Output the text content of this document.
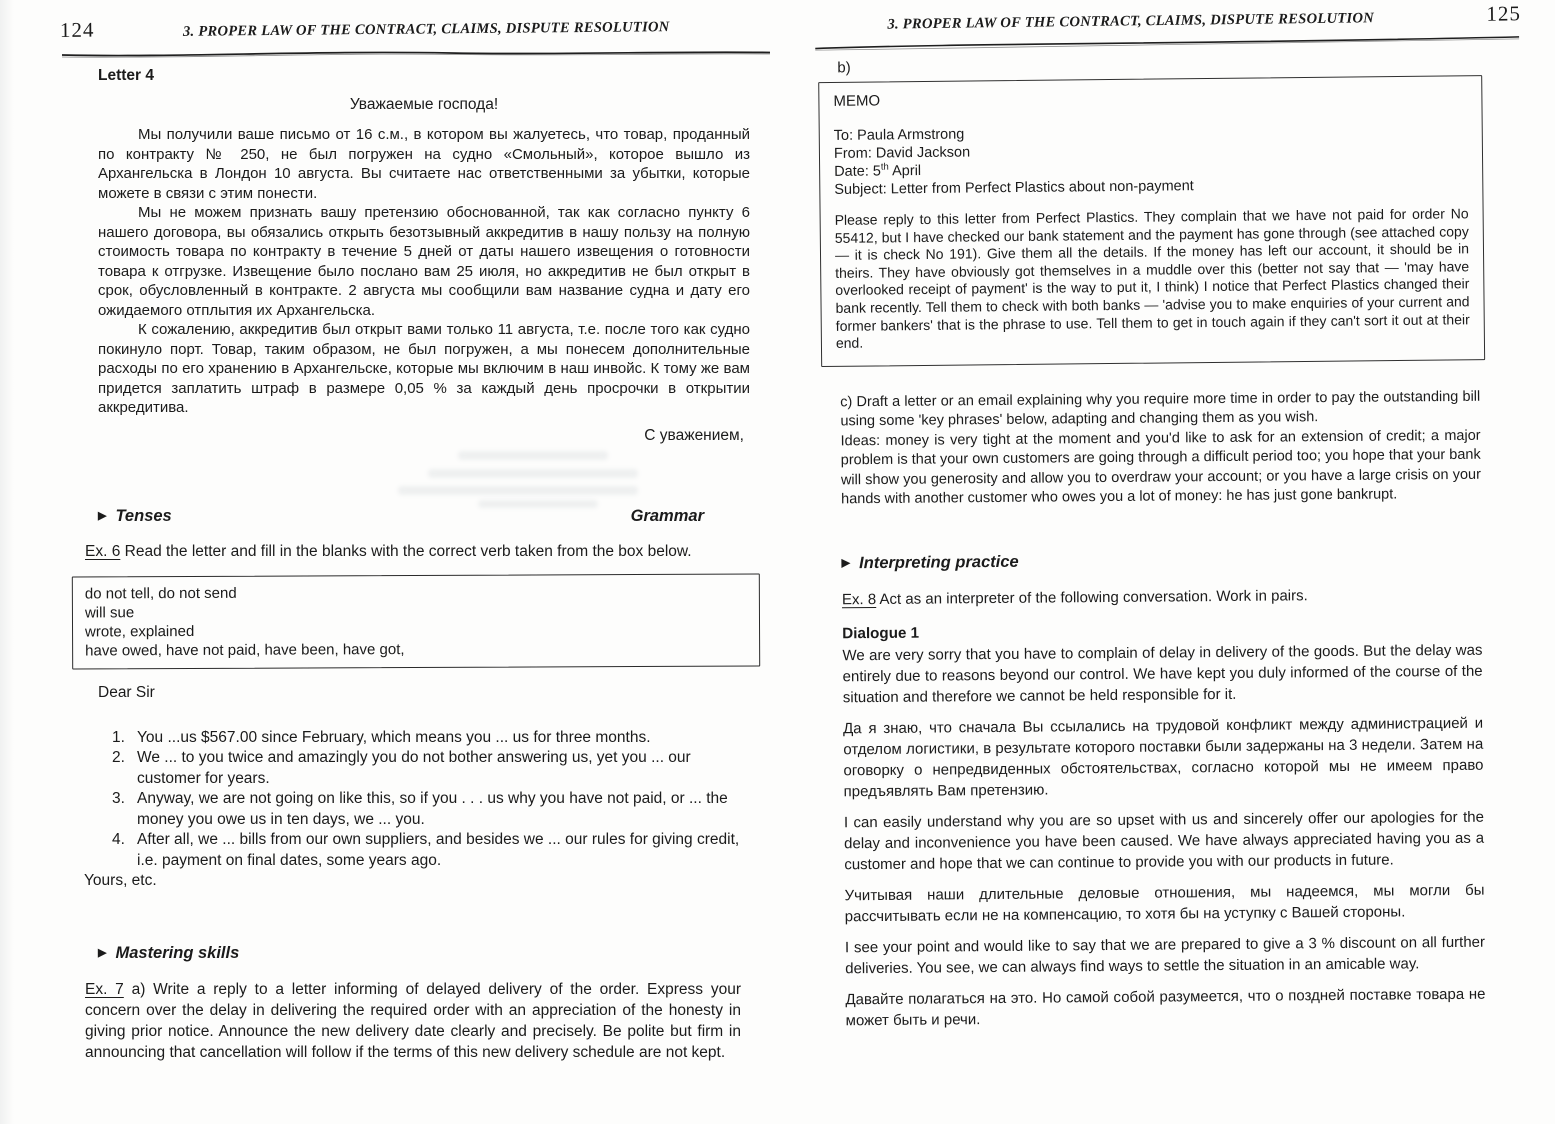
124	3. PROPER LAW OF THE CONTRACT, CLAIMS, DISPUTE RESOLUTION
Letter 4
Уважаемые господа!

Мы получили ваше письмо от 16 с.м., в котором вы жалуетесь, что товар, проданный по контракту № 250, не был погружен на судно «Смольный», которое вышло из Архангельска в Лондон 10 августа. Вы считаете нас ответственными за убытки, которые можете в связи с этим понести.

Мы не можем признать вашу претензию обоснованной, так как согласно пункту 6 нашего договора, вы обязались открыть безотзывный аккредитив в нашу пользу на полную стоимость товара по контракту в течение 5 дней от даты нашего извещения о готовности товара к отгрузке. Извещение было послано вам 25 июля, но аккредитив не был открыт в срок, обусловленный в контракте. 2 августа мы сообщили вам название судна и дату его ожидаемого отплытия их Архангельска.

К сожалению, аккредитив был открыт вами только 11 августа, т.е. после того как судно покинуло порт. Товар, таким образом, не был погружен, а мы понесем дополнительные расходы по его хранению в Архангельске, которые мы включим в наш инвойс. К тому же вам придется заплатить штраф в размере 0,05 % за каждый день просрочки в открытии аккредитива.

С уважением,
▶ Tenses	Grammar
Ex. 6 Read the letter and fill in the blanks with the correct verb taken from the box below.
do not tell, do not send
will sue
wrote, explained
have owed, have not paid, have been, have got,
Dear Sir
1. You ...us $567.00 since February, which means you ... us for three months.
2. We ... to you twice and amazingly you do not bother answering us, yet you ... our customer for years.
3. Anyway, we are not going on like this, so if you . . . us why you have not paid, or ... the money you owe us in ten days, we ... you.
4. After all, we ... bills from our own suppliers, and besides we ... our rules for giving credit, i.e. payment on final dates, some years ago.
Yours, etc.
▶ Mastering skills

Ex. 7 a) Write a reply to a letter informing of delayed delivery of the order. Express your concern over the delay in delivering the required order with an appreciation of the honesty in giving prior notice. Announce the new delivery date clearly and precisely. Be polite but firm in announcing that cancellation will follow if the terms of this new delivery schedule are not kept.

3. PROPER LAW OF THE CONTRACT, CLAIMS, DISPUTE RESOLUTION	125
b)
MEMO
To: Paula Armstrong
From: David Jackson
Date: 5th April
Subject: Letter from Perfect Plastics about non-payment
Please reply to this letter from Perfect Plastics. They complain that we have not paid for order No 55412, but I have checked our bank statement and the payment has gone through (see attached copy — it is check No 191). Give them all the details. If the money has left our account, it should be in theirs. They have obviously got themselves in a muddle over this (better not say that — 'may have overlooked receipt of payment' is the way to put it, I think) I notice that Perfect Plastics changed their bank recently. Tell them to check with both banks — 'advise you to make enquiries of your current and former bankers' that is the phrase to use. Tell them to get in touch again if they can't sort it out at their end.

c) Draft a letter or an email explaining why you require more time in order to pay the outstanding bill using some 'key phrases' below, adapting and changing them as you wish.

Ideas: money is very tight at the moment and you'd like to ask for an extension of credit; a major problem is that your own customers are going through a difficult period too; you hope that your bank will show you generosity and allow you to overdraw your account; or you have a large crisis on your hands with another customer who owes you a lot of money: he has just gone bankrupt.

▶ Interpreting practice
Ex. 8 Act as an interpreter of the following conversation. Work in pairs.
Dialogue 1

We are very sorry that you have to complain of delay in delivery of the goods. But the delay was entirely due to reasons beyond our control. We have kept you duly informed of the course of the situation and therefore we cannot be held responsible for it.

Да я знаю, что сначала Вы ссылались на трудовой конфликт между администрацией и отделом логистики, в результате которого поставки были задержаны на 3 недели. Затем на оговорку о непредвиденных обстоятельствах, согласно которой мы не имеем право предъявлять Вам претензию.

I can easily understand why you are so upset with us and sincerely offer our apologies for the delay and inconvenience you have been caused. We have always appreciated having you as a customer and hope that we can continue to provide you with our products in future.

Учитывая наши длительные деловые отношения, мы надеемся, мы могли бы рассчитывать если не на компенсацию, то хотя бы на уступку с Вашей стороны.

I see your point and would like to say that we are prepared to give a 3 % discount on all further deliveries. You see, we can always find ways to settle the situation in an amicable way.

Давайте полагаться на это. Но самой собой разумеется, что о поздней поставке товара не может быть и речи.
